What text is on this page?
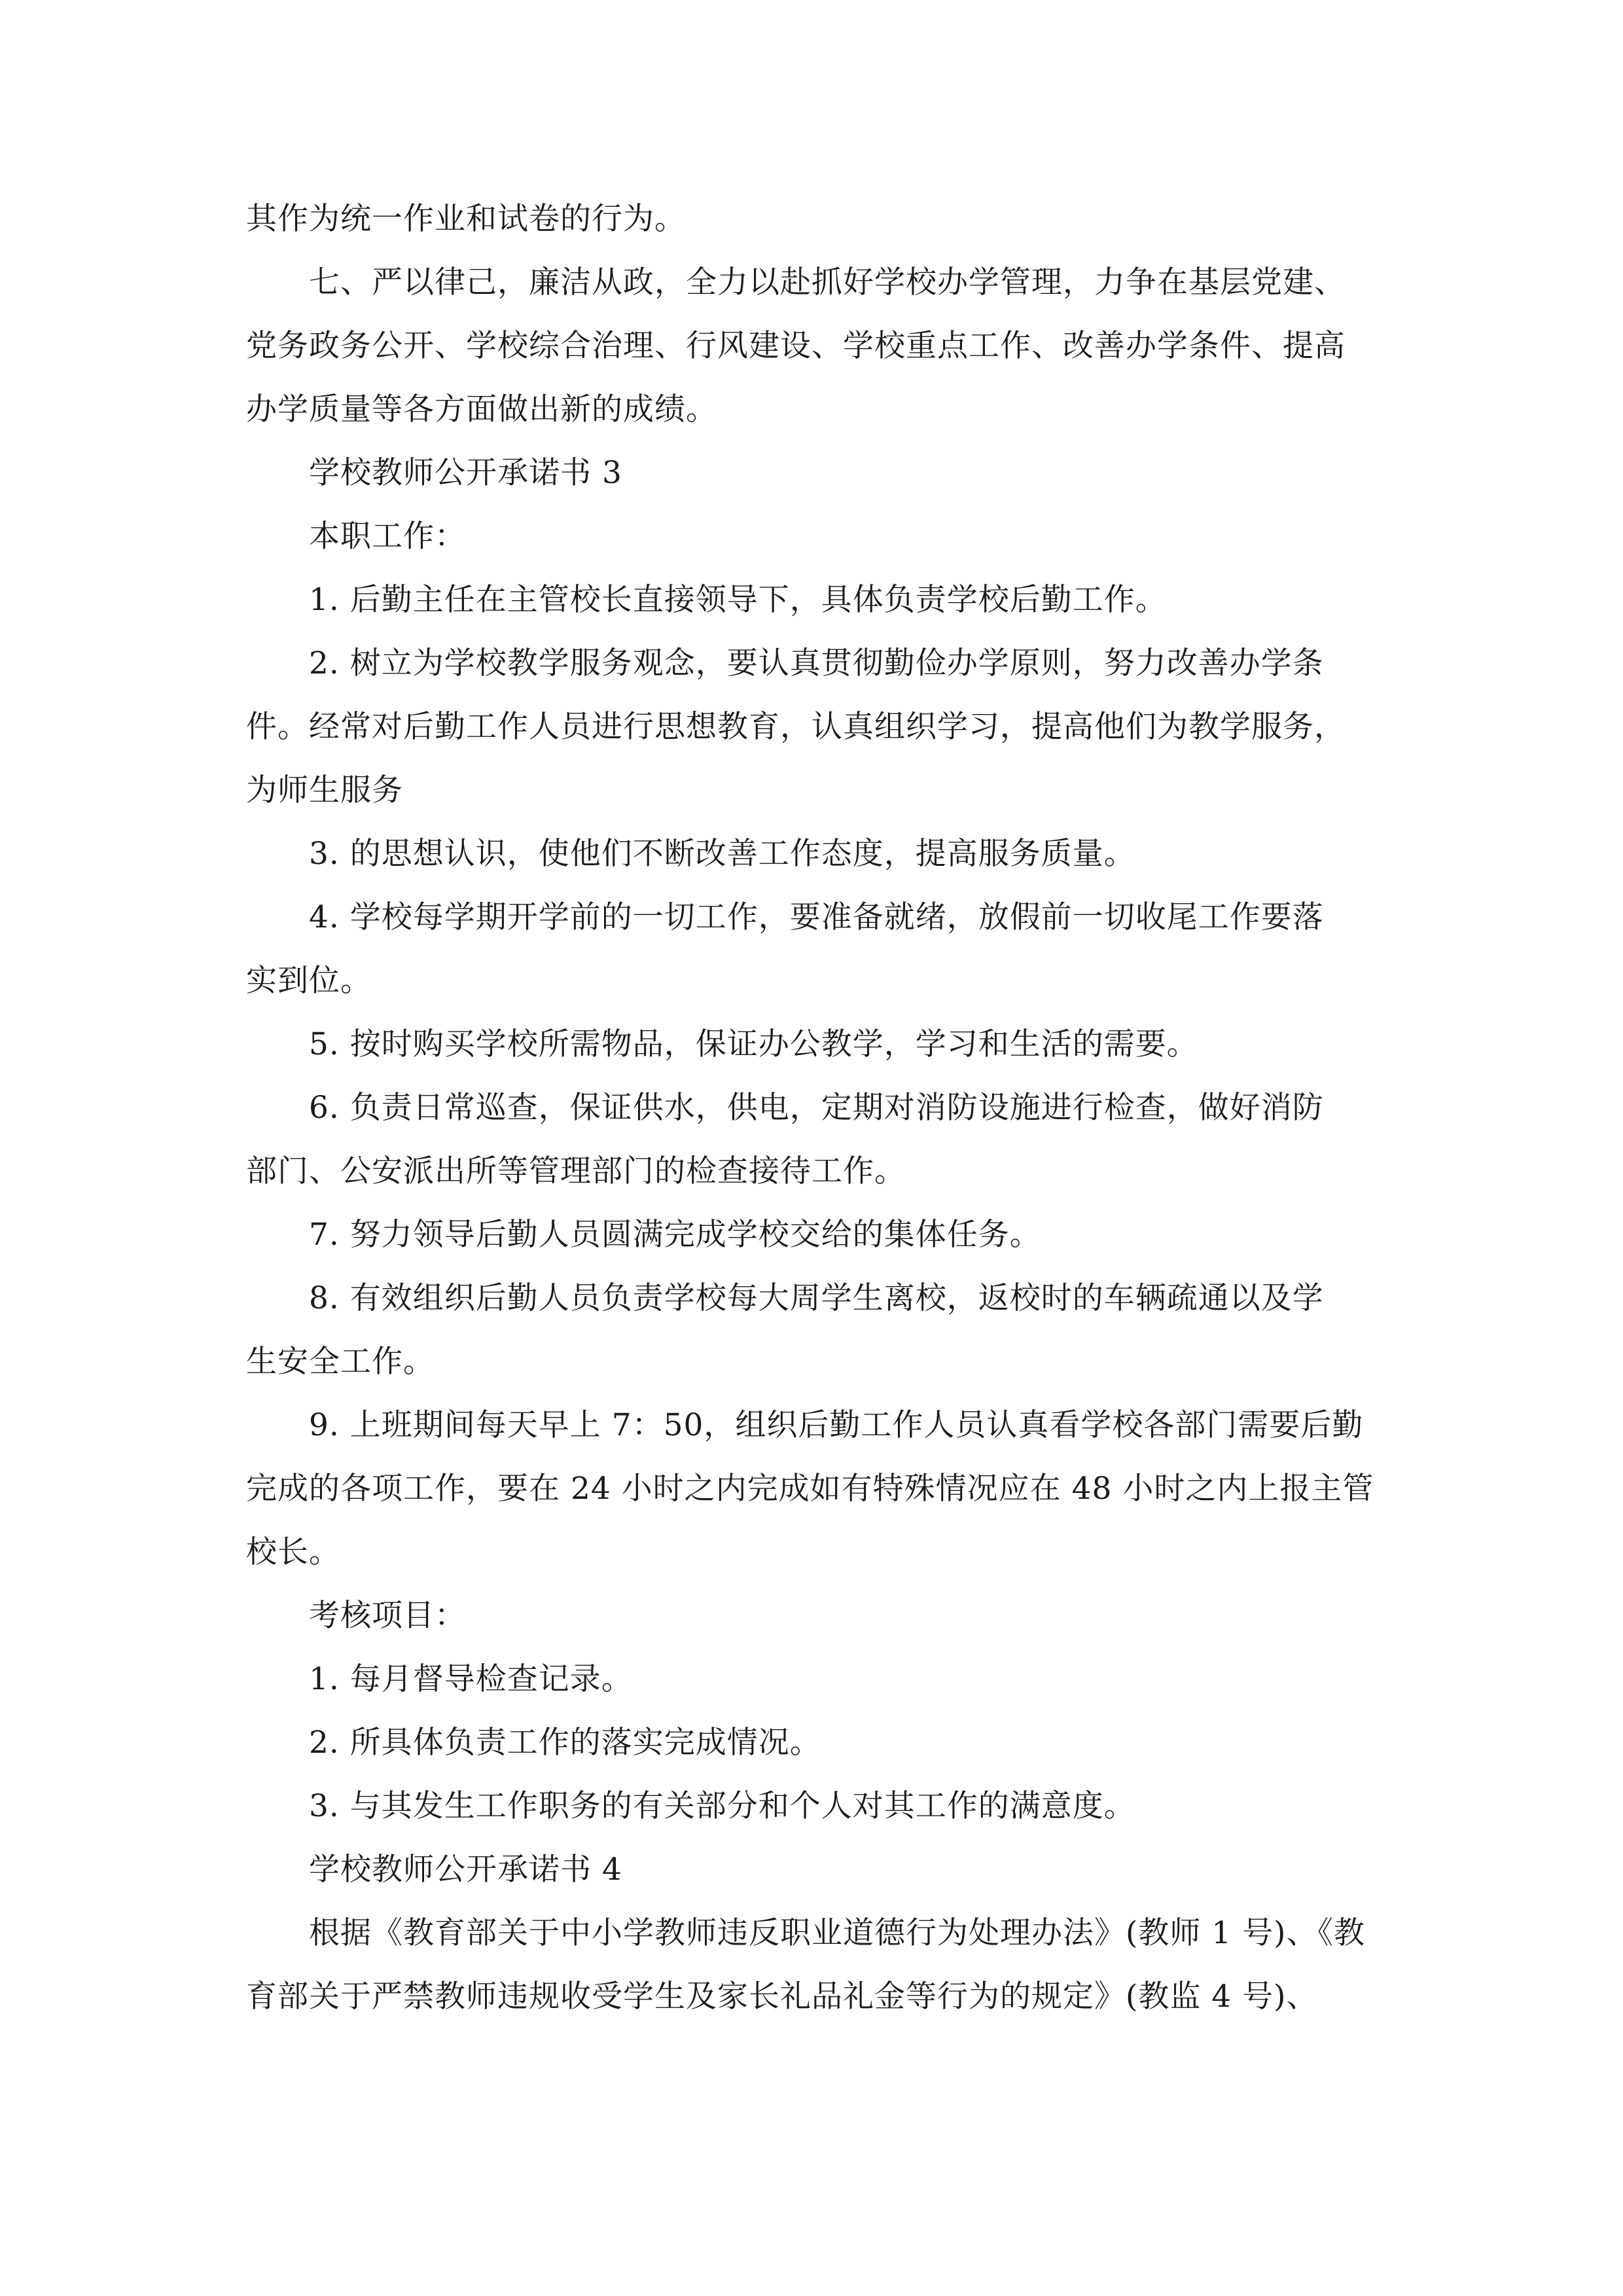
其作为统一作业和试卷的行为。
七、严以律己，廉洁从政，全力以赴抓好学校办学管理，力争在基层党建、
党务政务公开、学校综合治理、行风建设、学校重点工作、改善办学条件、提高
办学质量等各方面做出新的成绩。
学校教师公开承诺书 3
本职工作：
1. 后勤主任在主管校长直接领导下，具体负责学校后勤工作。
2. 树立为学校教学服务观念，要认真贯彻勤俭办学原则，努力改善办学条
件。经常对后勤工作人员进行思想教育，认真组织学习，提高他们为教学服务，
为师生服务
3. 的思想认识，使他们不断改善工作态度，提高服务质量。
4. 学校每学期开学前的一切工作，要准备就绪，放假前一切收尾工作要落
实到位。
5. 按时购买学校所需物品，保证办公教学，学习和生活的需要。
6. 负责日常巡查，保证供水，供电，定期对消防设施进行检查，做好消防
部门、公安派出所等管理部门的检查接待工作。
7. 努力领导后勤人员圆满完成学校交给的集体任务。
8. 有效组织后勤人员负责学校每大周学生离校，返校时的车辆疏通以及学
生安全工作。
9. 上班期间每天早上 7：50，组织后勤工作人员认真看学校各部门需要后勤
完成的各项工作，要在 24 小时之内完成如有特殊情况应在 48 小时之内上报主管
校长。
考核项目：
1. 每月督导检查记录。
2. 所具体负责工作的落实完成情况。
3. 与其发生工作职务的有关部分和个人对其工作的满意度。
学校教师公开承诺书 4
根据《教育部关于中小学教师违反职业道德行为处理办法》(教师 1 号)、《教
育部关于严禁教师违规收受学生及家长礼品礼金等行为的规定》(教监 4 号)、
